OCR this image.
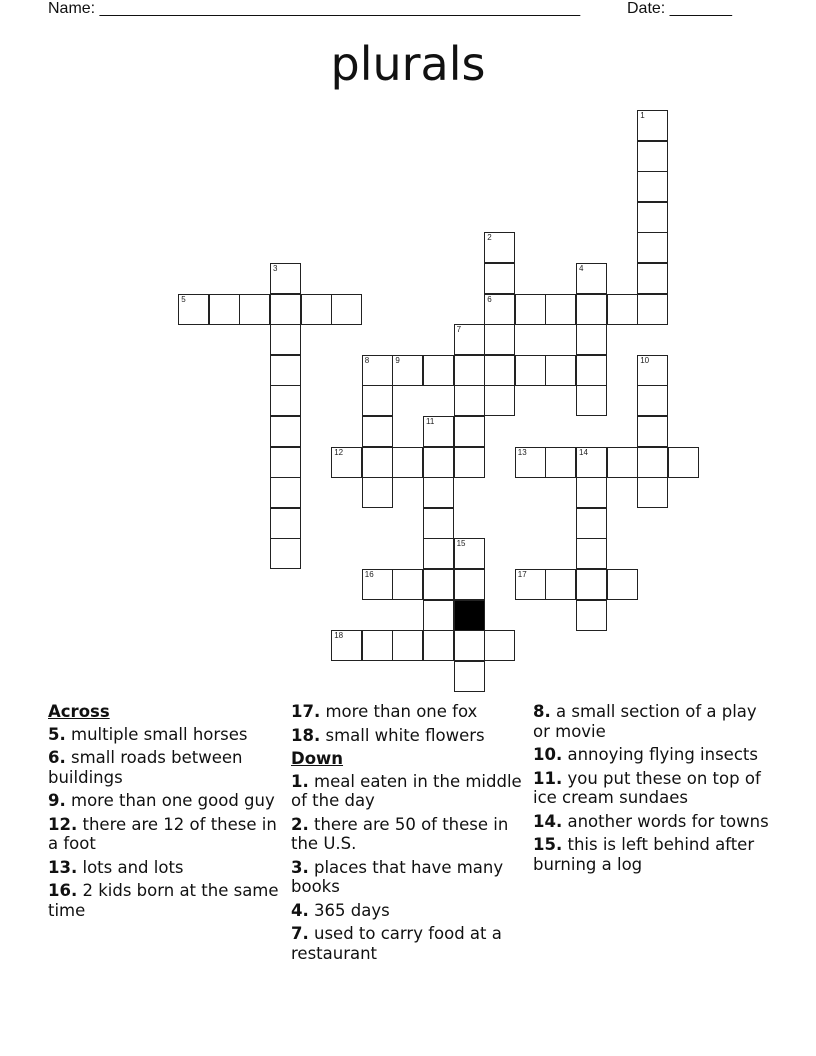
Name: ______________________________________________________	Date: _______
plurals
1
2
6
3	4
5
7
8	10
9
11
12	13	14
15
16	17
18
Across
5. multiple small horses
6. small roads between buildings
9. more than one good guy
12. there are 12 of these in a foot
13. lots and lots
16. 2 kids born at the same time
17. more than one fox
18. small white flowers
Down
1. meal eaten in the middle of the day
2. there are 50 of these in the U.S.
3. places that have many books
4. 365 days
7. used to carry food at a restaurant
8. a small section of a play or movie
10. annoying flying insects
11. you put these on top of ice cream sundaes
14. another words for towns
15. this is left behind after burning a log
